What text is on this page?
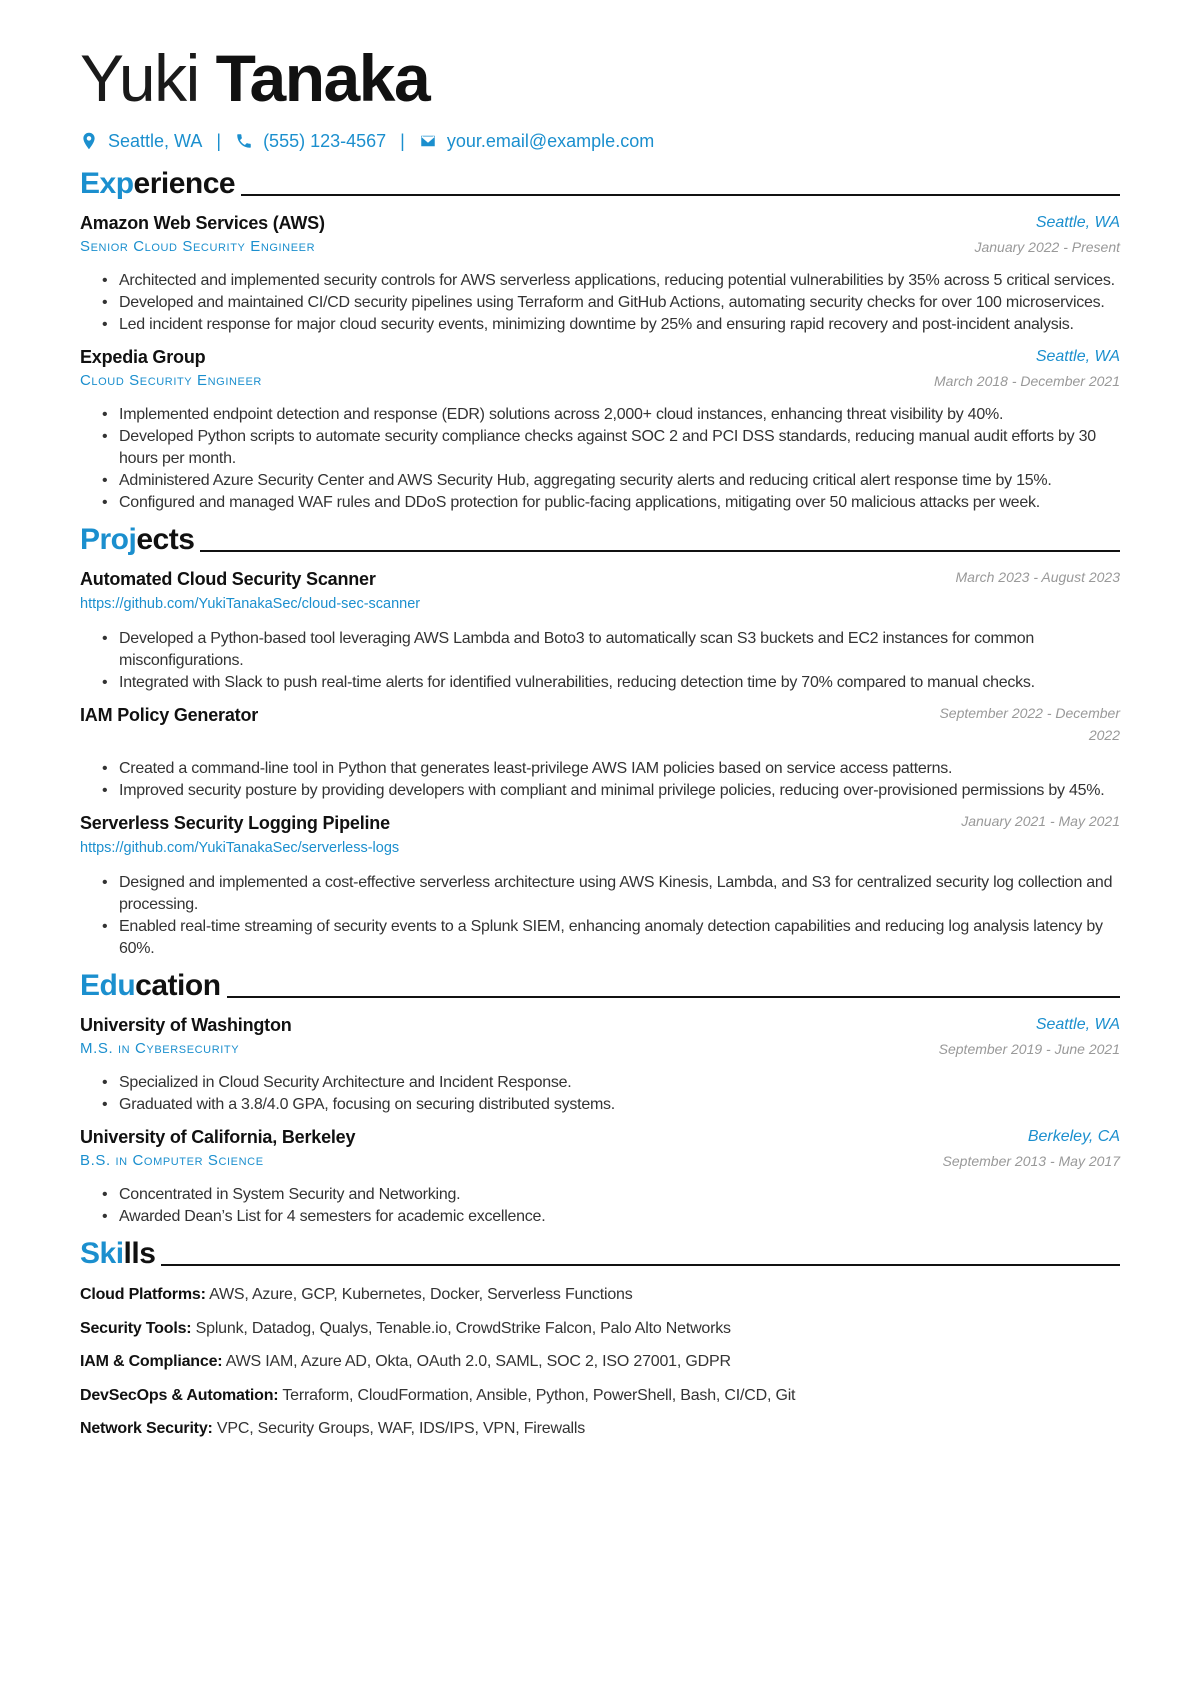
Yuki Tanaka
Seattle, WA | (555) 123-4567 | your.email@example.com
Experience
Amazon Web Services (AWS)	Seattle, WA
Senior Cloud Security Engineer	January 2022 - Present
• Architected and implemented security controls for AWS serverless applications, reducing potential vulnerabilities by 35% across 5 critical services.
• Developed and maintained CI/CD security pipelines using Terraform and GitHub Actions, automating security checks for over 100 microservices.
• Led incident response for major cloud security events, minimizing downtime by 25% and ensuring rapid recovery and post-incident analysis.
Expedia Group	Seattle, WA
Cloud Security Engineer	March 2018 - December 2021
• Implemented endpoint detection and response (EDR) solutions across 2,000+ cloud instances, enhancing threat visibility by 40%.
• Developed Python scripts to automate security compliance checks against SOC 2 and PCI DSS standards, reducing manual audit efforts by 30 hours per month.
• Administered Azure Security Center and AWS Security Hub, aggregating security alerts and reducing critical alert response time by 15%.
• Configured and managed WAF rules and DDoS protection for public-facing applications, mitigating over 50 malicious attacks per week.
Projects
Automated Cloud Security Scanner	March 2023 - August 2023
https://github.com/YukiTanakaSec/cloud-sec-scanner
• Developed a Python-based tool leveraging AWS Lambda and Boto3 to automatically scan S3 buckets and EC2 instances for common misconfigurations.
• Integrated with Slack to push real-time alerts for identified vulnerabilities, reducing detection time by 70% compared to manual checks.
IAM Policy Generator	September 2022 - December 2022
• Created a command-line tool in Python that generates least-privilege AWS IAM policies based on service access patterns.
• Improved security posture by providing developers with compliant and minimal privilege policies, reducing over-provisioned permissions by 45%.
Serverless Security Logging Pipeline	January 2021 - May 2021
https://github.com/YukiTanakaSec/serverless-logs
• Designed and implemented a cost-effective serverless architecture using AWS Kinesis, Lambda, and S3 for centralized security log collection and processing.
• Enabled real-time streaming of security events to a Splunk SIEM, enhancing anomaly detection capabilities and reducing log analysis latency by 60%.
Education
University of Washington	Seattle, WA
M.S. in Cybersecurity	September 2019 - June 2021
• Specialized in Cloud Security Architecture and Incident Response.
• Graduated with a 3.8/4.0 GPA, focusing on securing distributed systems.
University of California, Berkeley	Berkeley, CA
B.S. in Computer Science	September 2013 - May 2017
• Concentrated in System Security and Networking.
• Awarded Dean’s List for 4 semesters for academic excellence.
Skills
Cloud Platforms: AWS, Azure, GCP, Kubernetes, Docker, Serverless Functions
Security Tools: Splunk, Datadog, Qualys, Tenable.io, CrowdStrike Falcon, Palo Alto Networks
IAM & Compliance: AWS IAM, Azure AD, Okta, OAuth 2.0, SAML, SOC 2, ISO 27001, GDPR
DevSecOps & Automation: Terraform, CloudFormation, Ansible, Python, PowerShell, Bash, CI/CD, Git
Network Security: VPC, Security Groups, WAF, IDS/IPS, VPN, Firewalls
